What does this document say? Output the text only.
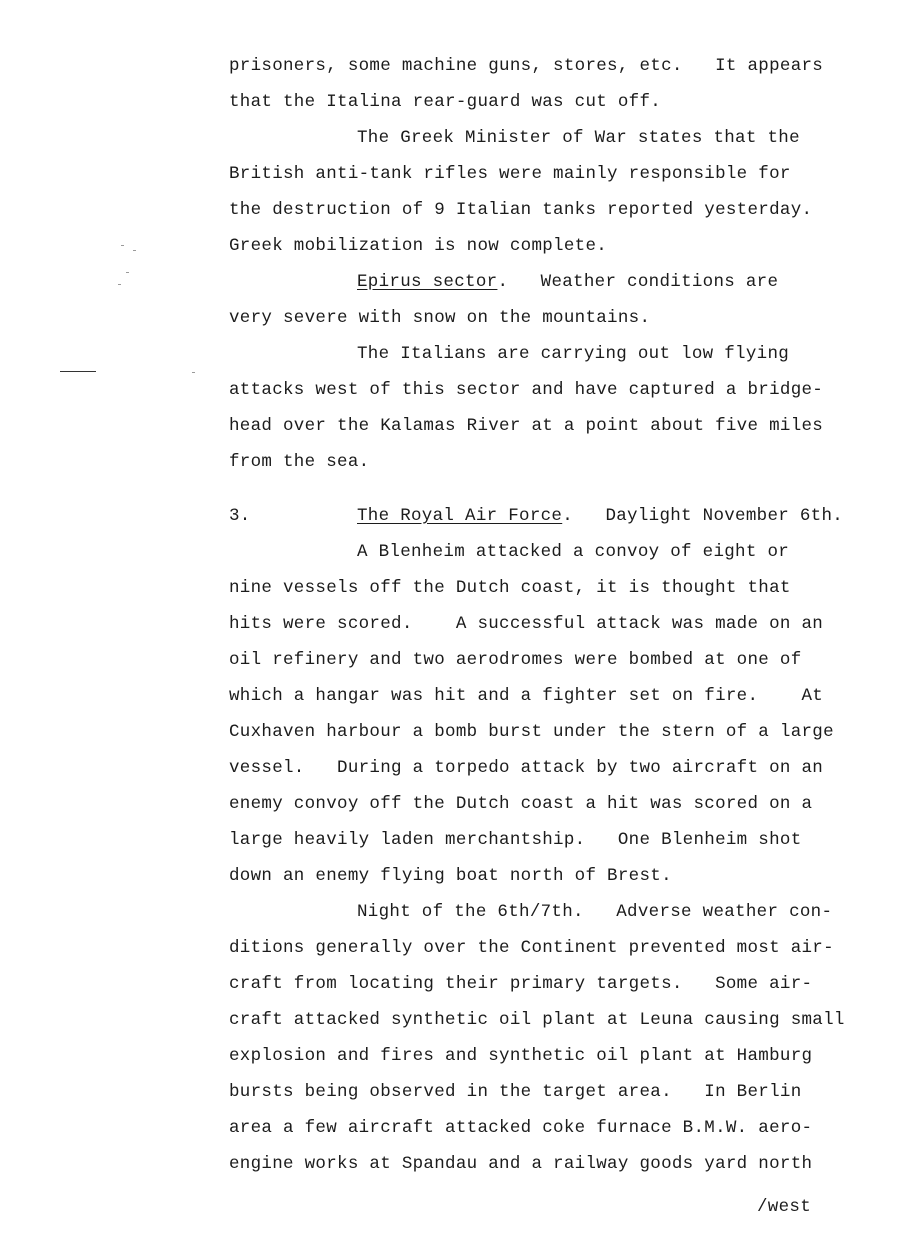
prisoners, some machine guns, stores, etc.   It appears
that the Italina rear-guard was cut off.
The Greek Minister of War states that the
British anti-tank rifles were mainly responsible for
the destruction of 9 Italian tanks reported yesterday.
Greek mobilization is now complete.
Epirus sector.   Weather conditions are
very severe with snow on the mountains.
The Italians are carrying out low flying
attacks west of this sector and have captured a bridge-
head over the Kalamas River at a point about five miles
from the sea.
3.	The Royal Air Force.   Daylight November 6th.
A Blenheim attacked a convoy of eight or
nine vessels off the Dutch coast, it is thought that
hits were scored.    A successful attack was made on an
oil refinery and two aerodromes were bombed at one of
which a hangar was hit and a fighter set on fire.    At
Cuxhaven harbour a bomb burst under the stern of a large
vessel.   During a torpedo attack by two aircraft on an
enemy convoy off the Dutch coast a hit was scored on a
large heavily laden merchantship.   One Blenheim shot
down an enemy flying boat north of Brest.
Night of the 6th/7th.   Adverse weather con-
ditions generally over the Continent prevented most air-
craft from locating their primary targets.   Some air-
craft attacked synthetic oil plant at Leuna causing small
explosion and fires and synthetic oil plant at Hamburg
bursts being observed in the target area.   In Berlin
area a few aircraft attacked coke furnace B.M.W. aero-
engine works at Spandau and a railway goods yard north
/west
